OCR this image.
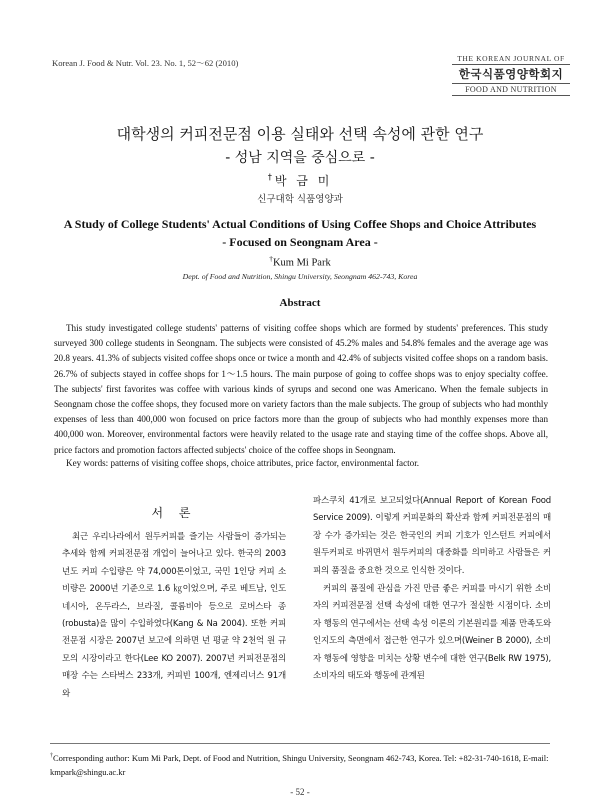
Korean J. Food & Nutr. Vol. 23. No. 1, 52～62 (2010)	THE KOREAN JOURNAL OF
한국식품영양학회지
FOOD AND NUTRITION
대학생의 커피전문점 이용 실태와 선택 속성에 관한 연구
- 성남 지역을 중심으로 -
†박 금 미
신구대학 식품영양과
A Study of College Students' Actual Conditions of Using Coffee Shops and Choice Attributes
- Focused on Seongnam Area -
†Kum Mi Park
Dept. of Food and Nutrition, Shingu University, Seongnam 462-743, Korea
Abstract

This study investigated college students' patterns of visiting coffee shops which are formed by students' preferences. This study surveyed 300 college students in Seongnam. The subjects were consisted of 45.2% males and 54.8% females and the average age was 20.8 years. 41.3% of subjects visited coffee shops once or twice a month and 42.4% of subjects visited coffee shops on a random basis. 26.7% of subjects stayed in coffee shops for 1～1.5 hours. The main purpose of going to coffee shops was to enjoy specialty coffee. The subjects' first favorites was coffee with various kinds of syrups and second one was Americano. When the female subjects in Seongnam chose the coffee shops, they focused more on variety factors than the male subjects. The group of subjects who had monthly expenses of less than 400,000 won focused on price factors more than the group of subjects who had monthly expenses more than 400,000 won. Moreover, environmental factors were heavily related to the usage rate and staying time of the coffee shops. Above all, price factors and promotion factors affected subjects' choice of the coffee shops in Seongnam.

Key words: patterns of visiting coffee shops, choice attributes, price factor, environmental factor.
서 론

최근 우리나라에서 원두커피를 즐기는 사람들이 증가되는 추세와 함께 커피전문점 개업이 늘어나고 있다. 한국의 2003년도 커피 수입량은 약 74,000톤이었고, 국민 1인당 커피 소비량은 2000년 기준으로 1.6 ㎏이었으며, 주로 베트남, 인도네시아, 온두라스, 브라질, 콜롬비아 등으로 로버스타 종(robusta)을 많이 수입하였다(Kang & Na 2004). 또한 커피전문점 시장은 2007년 보고에 의하면 년 평균 약 2천억 원 규모의 시장이라고 한다(Lee KO 2007). 2007년 커피전문점의 매장 수는 스타벅스 233개, 커피빈 100개, 엔제리너스 91개와

파스쿠치 41개로 보고되었다(Annual Report of Korean Food Service 2009). 이렇게 커피문화의 확산과 함께 커피전문점의 매장 수가 증가되는 것은 한국인의 커피 기호가 인스턴트 커피에서 원두커피로 바뀌면서 원두커피의 대중화를 의미하고 사람들은 커피의 품질을 중요한 것으로 인식한 것이다.

커피의 품질에 관심을 가진 만큼 좋은 커피를 마시기 위한 소비자의 커피전문점 선택 속성에 대한 연구가 절실한 시점이다. 소비자 행동의 연구에서는 선택 속성 이론의 기본원리를 제품 만족도와 인지도의 측면에서 접근한 연구가 있으며(Weiner B 2000), 소비자 행동에 영향을 미치는 상황 변수에 대한 연구(Belk RW 1975), 소비자의 태도와 행동에 관계된

†Corresponding author: Kum Mi Park, Dept. of Food and Nutrition, Shingu University, Seongnam 462-743, Korea. Tel: +82-31-740-1618, E-mail: kmpark@shingu.ac.kr
- 52 -
